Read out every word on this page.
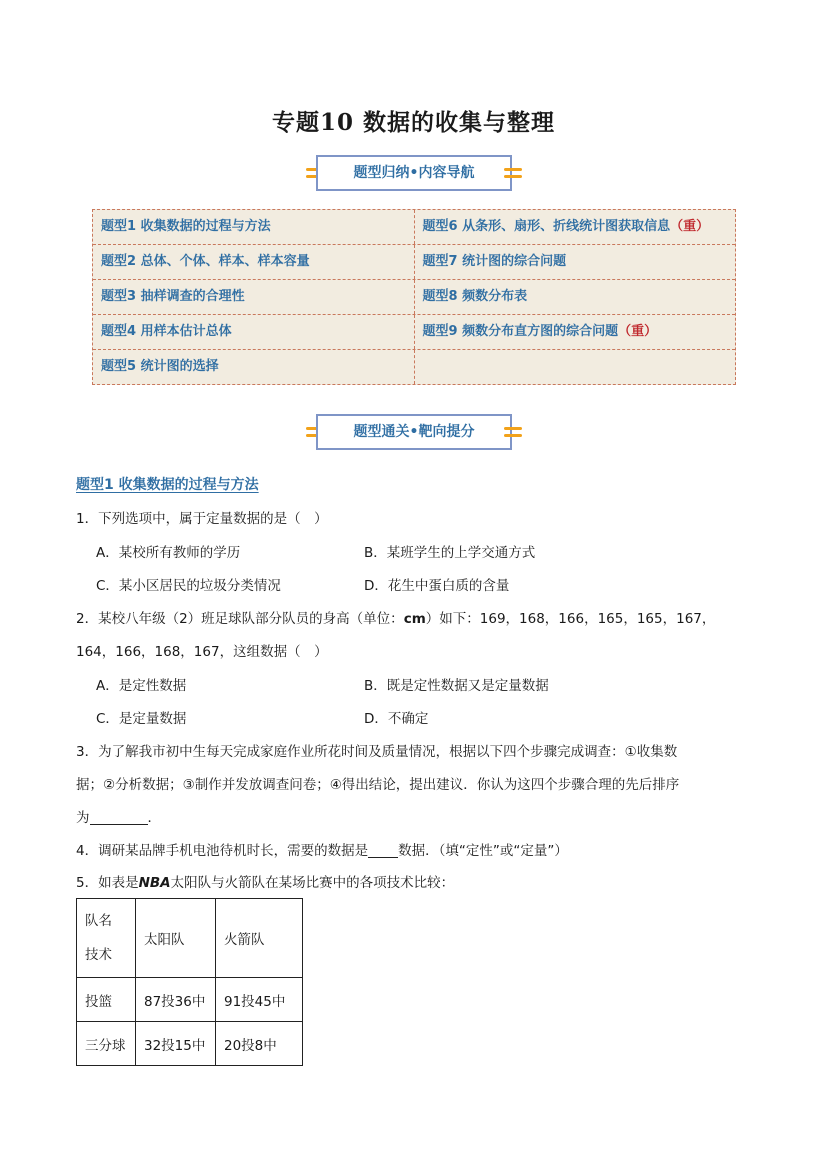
专题10 数据的收集与整理
题型归纳•内容导航
题型1 收集数据的过程与方法	题型6 从条形、扇形、折线统计图获取信息（重）
题型2 总体、个体、样本、样本容量	题型7 统计图的综合问题
题型3 抽样调查的合理性	题型8 频数分布表
题型4 用样本估计总体	题型9 频数分布直方图的综合问题（重）
题型5 统计图的选择
题型通关•靶向提分
题型1 收集数据的过程与方法
1．下列选项中，属于定量数据的是（　）
A．某校所有教师的学历	B．某班学生的上学交通方式
C．某小区居民的垃圾分类情况	D．花生中蛋白质的含量
2．某校八年级（2）班足球队部分队员的身高（单位：cm）如下：169，168，166，165，165，167，
164，166，168，167，这组数据（　）
A．是定性数据	B．既是定性数据又是定量数据
C．是定量数据	D．不确定
3．为了解我市初中生每天完成家庭作业所花时间及质量情况，根据以下四个步骤完成调查：①收集数
据；②分析数据；③制作并发放调查问卷；④得出结论，提出建议．你认为这四个步骤合理的先后排序
为	．
4．调研某品牌手机电池待机时长，需要的数据是 数据．（填“定性”或“定量”）
5．如表是NBA太阳队与火箭队在某场比赛中的各项技术比较：
队名
技术	太阳队	火箭队
投篮	87投36中	91投45中
三分球	32投15中	20投8中
